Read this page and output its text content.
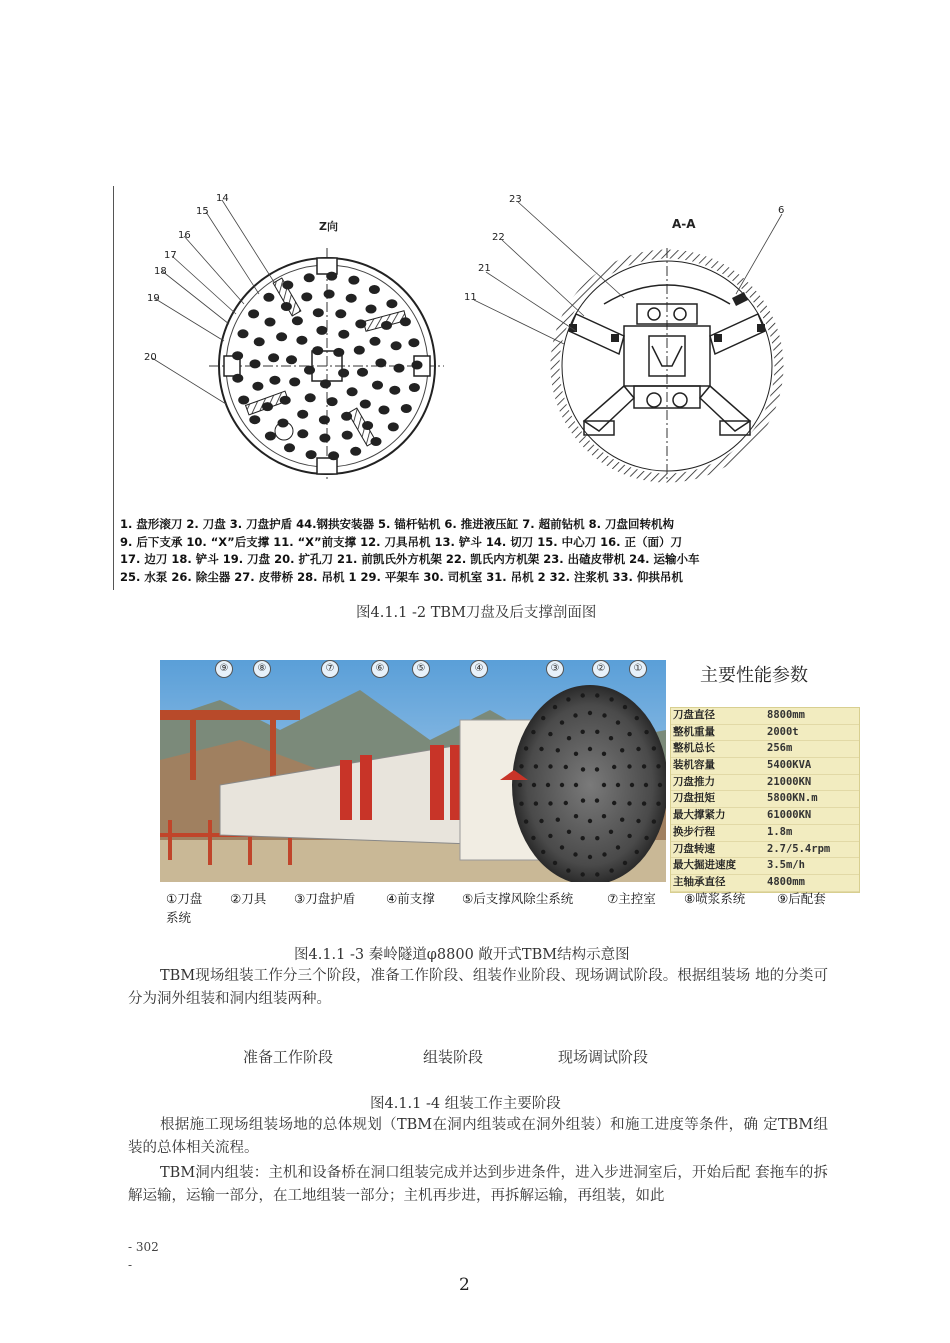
14
15
16
17
18
19
20
Z向
23
6
22
21
11
A-A
1. 盘形滚刀 2. 刀盘 3. 刀盘护盾 44.钢拱安装器 5. 锚杆钻机 6. 推进液压缸 7. 超前钻机 8. 刀盘回转机构
9. 后下支承 10. “X”后支撑 11. “X”前支撑 12. 刀具吊机 13. 铲斗 14. 切刀 15. 中心刀 16. 正（面）刀
17. 边刀 18. 铲斗 19. 刀盘 20. 扩孔刀 21. 前凯氏外方机架 22. 凯氏内方机架 23. 出碴皮带机 24. 运输小车
25. 水泵 26. 除尘器 27. 皮带桥 28. 吊机 1 29. 平架车 30. 司机室 31. 吊机 2 32. 注浆机 33. 仰拱吊机
图4.1.1 -2 TBM刀盘及后支撑剖面图
⑨	⑧	⑦	⑥	⑤	④	③	②	①	主要性能参数
刀盘直径	8800mm
整机重量	2000t
整机总长	256m
装机容量	5400KVA
刀盘推力	21000KN
刀盘扭矩	5800KN.m
最大撑紧力	61000KN
换步行程	1.8m
刀盘转速	2.7/5.4rpm
最大掘进速度	3.5m/h
主轴承直径	4800mm
①刀盘 ②刀具 ③刀盘护盾 ④前支撑 ⑤后支撑风除尘系统	⑦主控室 ⑧喷浆系统	⑨后配套
系统
图4.1.1 -3 秦岭隧道φ8800 敞开式TBM结构示意图
TBM现场组装工作分三个阶段，准备工作阶段、组装作业阶段、现场调试阶段。根据组装场 地的分类可分为洞外组装和洞内组装两种。
准备工作阶段	组装阶段	现场调试阶段
图4.1.1 -4 组装工作主要阶段
根据施工现场组装场地的总体规划（TBM在洞内组装或在洞外组装）和施工进度等条件，确 定TBM组装的总体相关流程。
TBM洞内组装：主机和设备桥在洞口组装完成并达到步进条件，进入步进洞室后，开始后配 套拖车的拆解运输，运输一部分，在工地组装一部分；主机再步进，再拆解运输，再组装，如此
- 302
-
2
